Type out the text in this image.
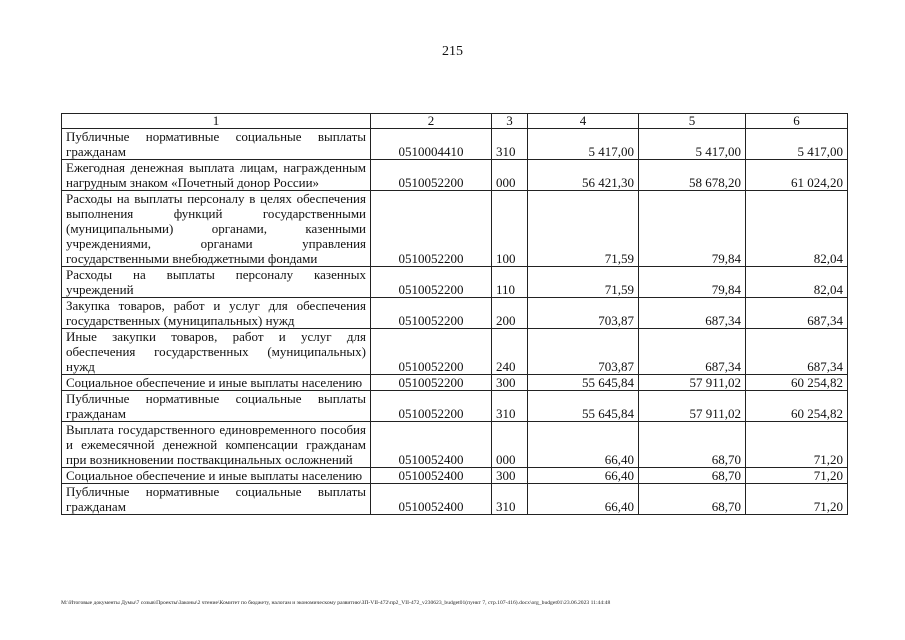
215
1	2	3	4	5	6
Публичные нормативные социальные выплаты гражданам	0510004410	310	5 417,00	5 417,00	5 417,00
Ежегодная денежная выплата лицам, награжденным нагрудным знаком «Почетный донор России»	0510052200	000	56 421,30	58 678,20	61 024,20
Расходы на выплаты персоналу в целях обеспечения выполнения функций государственными (муниципальными) органами, казенными учреждениями, органами управления государственными внебюджетными фондами	0510052200	100	71,59	79,84	82,04
Расходы на выплаты персоналу казенных учреждений	0510052200	110	71,59	79,84	82,04
Закупка товаров, работ и услуг для обеспечения государственных (муниципальных) нужд	0510052200	200	703,87	687,34	687,34
Иные закупки товаров, работ и услуг для обеспечения государственных (муниципальных) нужд	0510052200	240	703,87	687,34	687,34
Социальное обеспечение и иные выплаты населению	0510052200	300	55 645,84	57 911,02	60 254,82
Публичные нормативные социальные выплаты гражданам	0510052200	310	55 645,84	57 911,02	60 254,82
Выплата государственного единовременного пособия и ежемесячной денежной компенсации гражданам при возникновении поствакцинальных осложнений	0510052400	000	66,40	68,70	71,20
Социальное обеспечение и иные выплаты населению	0510052400	300	66,40	68,70	71,20
Публичные нормативные социальные выплаты гражданам	0510052400	310	66,40	68,70	71,20
M:\Итоговые документы Думы\7 созыв\Проекты\Законы\2 чтение\Комитет по бюджету, налогам и экономическому развитию\ЗП-VII-472\пр2_VII-472_v230623_budget01(пункт 7, стр.107-416).docx\org_budget01\23.06.2023 11:44:48
